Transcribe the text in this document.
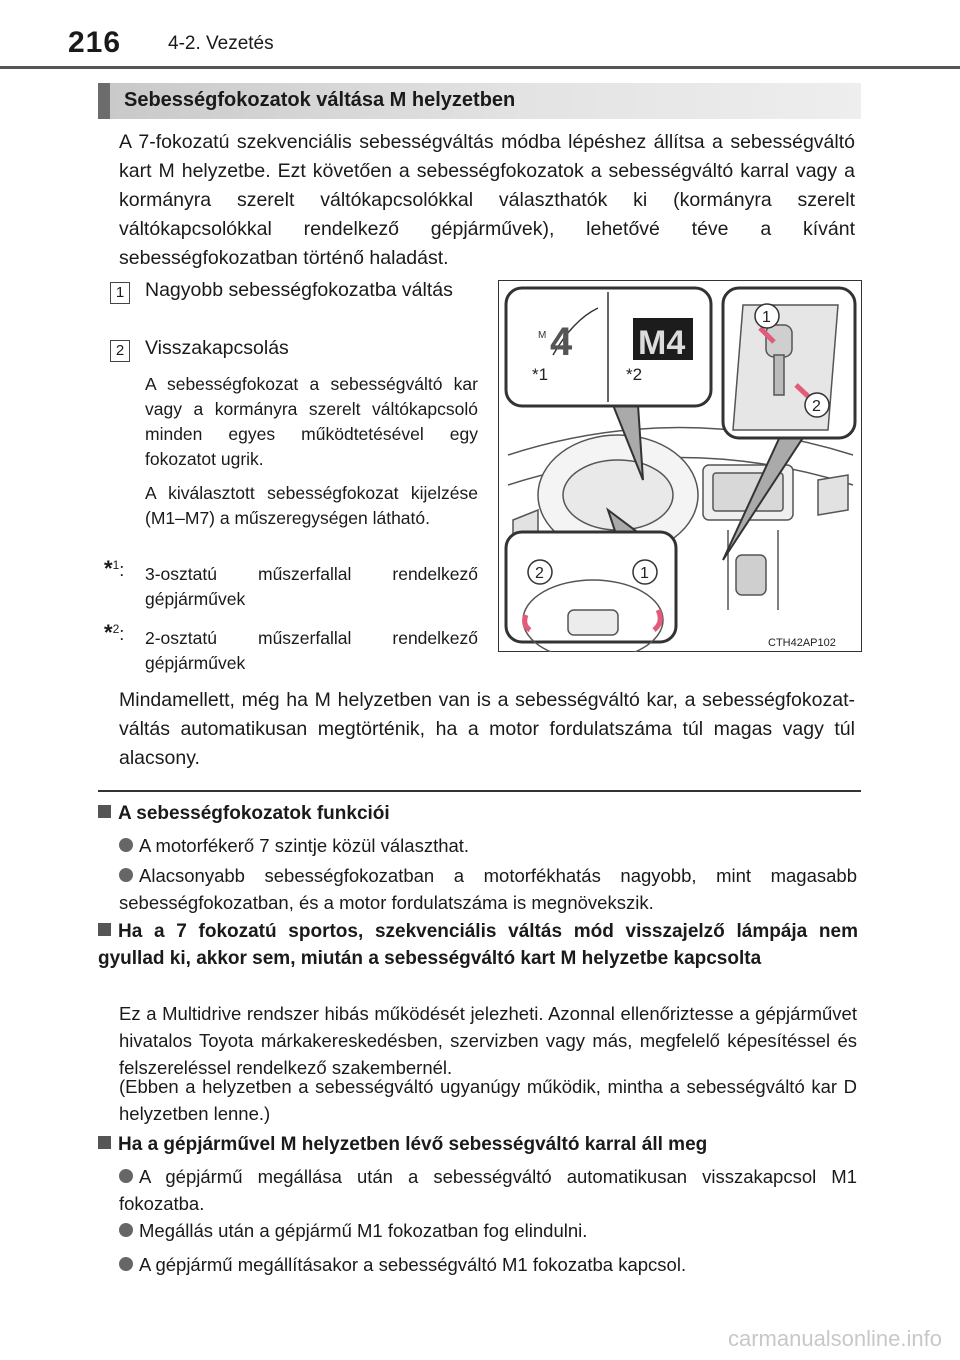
216 4-2. Vezetés
Sebességfokozatok váltása M helyzetben
A 7-fokozatú szekvenciális sebességváltás módba lépéshez állítsa a sebességváltó kart M helyzetbe. Ezt követően a sebességfokozatok a sebességváltó karral vagy a kormányra szerelt váltókapcsolókkal választhatók ki (kormányra szerelt váltókapcsolókkal rendelkező gépjárművek), lehetővé téve a kívánt sebességfokozatban történő haladást.
1 Nagyobb sebességfokozatba váltás
2 Visszakapcsolás
A sebességfokozat a sebességváltó kar vagy a kormányra szerelt váltókapcsoló minden egyes működtetésével egy fokozatot ugrik.
A kiválasztott sebességfokozat kijelzése (M1–M7) a műszeregységen látható.
*$^1$: 3-osztatú műszerfallal rendelkező gépjárművek
*$^2$: 2-osztatú műszerfallal rendelkező gépjárművek
M 4
*1
M4
*2
1
2
2	1
CTH42AP102
Mindamellett, még ha M helyzetben van is a sebességváltó kar, a sebességfokozat-váltás automatikusan megtörténik, ha a motor fordulatszáma túl magas vagy túl alacsony.
A sebességfokozatok funkciói
A motorfékerő 7 szintje közül választhat.
Alacsonyabb sebességfokozatban a motorfékhatás nagyobb, mint magasabb sebességfokozatban, és a motor fordulatszáma is megnövekszik.
Ha a 7 fokozatú sportos, szekvenciális váltás mód visszajelző lámpája nem gyullad ki, akkor sem, miután a sebességváltó kart M helyzetbe kapcsolta
Ez a Multidrive rendszer hibás működését jelezheti. Azonnal ellenőriztesse a gépjárművet hivatalos Toyota márkakereskedésben, szervizben vagy más, megfelelő képesítéssel és felszereléssel rendelkező szakembernél.
(Ebben a helyzetben a sebességváltó ugyanúgy működik, mintha a sebességváltó kar D helyzetben lenne.)
Ha a gépjárművel M helyzetben lévő sebességváltó karral áll meg
A gépjármű megállása után a sebességváltó automatikusan visszakapcsol M1 fokozatba.
Megállás után a gépjármű M1 fokozatban fog elindulni.
A gépjármű megállításakor a sebességváltó M1 fokozatba kapcsol.
carmanualsonline.info
